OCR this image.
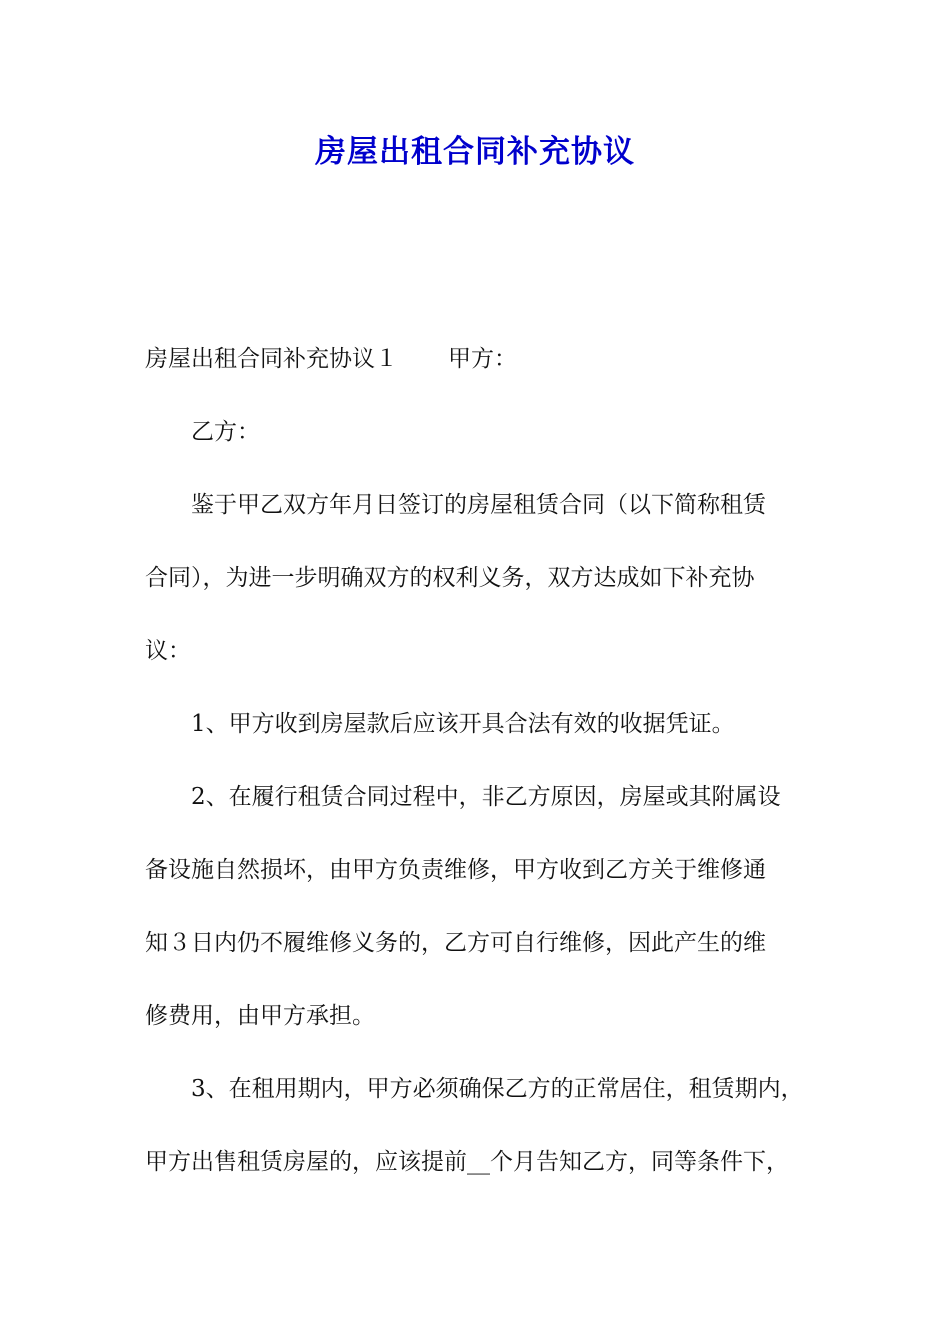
房屋出租合同补充协议
房屋出租合同补充协议１ 甲方：
乙方：
鉴于甲乙双方年月日签订的房屋租赁合同（以下简称租赁
合同），为进一步明确双方的权利义务，双方达成如下补充协
议：
1、甲方收到房屋款后应该开具合法有效的收据凭证。
2、在履行租赁合同过程中，非乙方原因，房屋或其附属设
备设施自然损坏，由甲方负责维修，甲方收到乙方关于维修通
知３日内仍不履维修义务的，乙方可自行维修，因此产生的维
修费用，由甲方承担。
3、在租用期内，甲方必须确保乙方的正常居住，租赁期内，
甲方出售租赁房屋的，应该提前__个月告知乙方，同等条件下，
